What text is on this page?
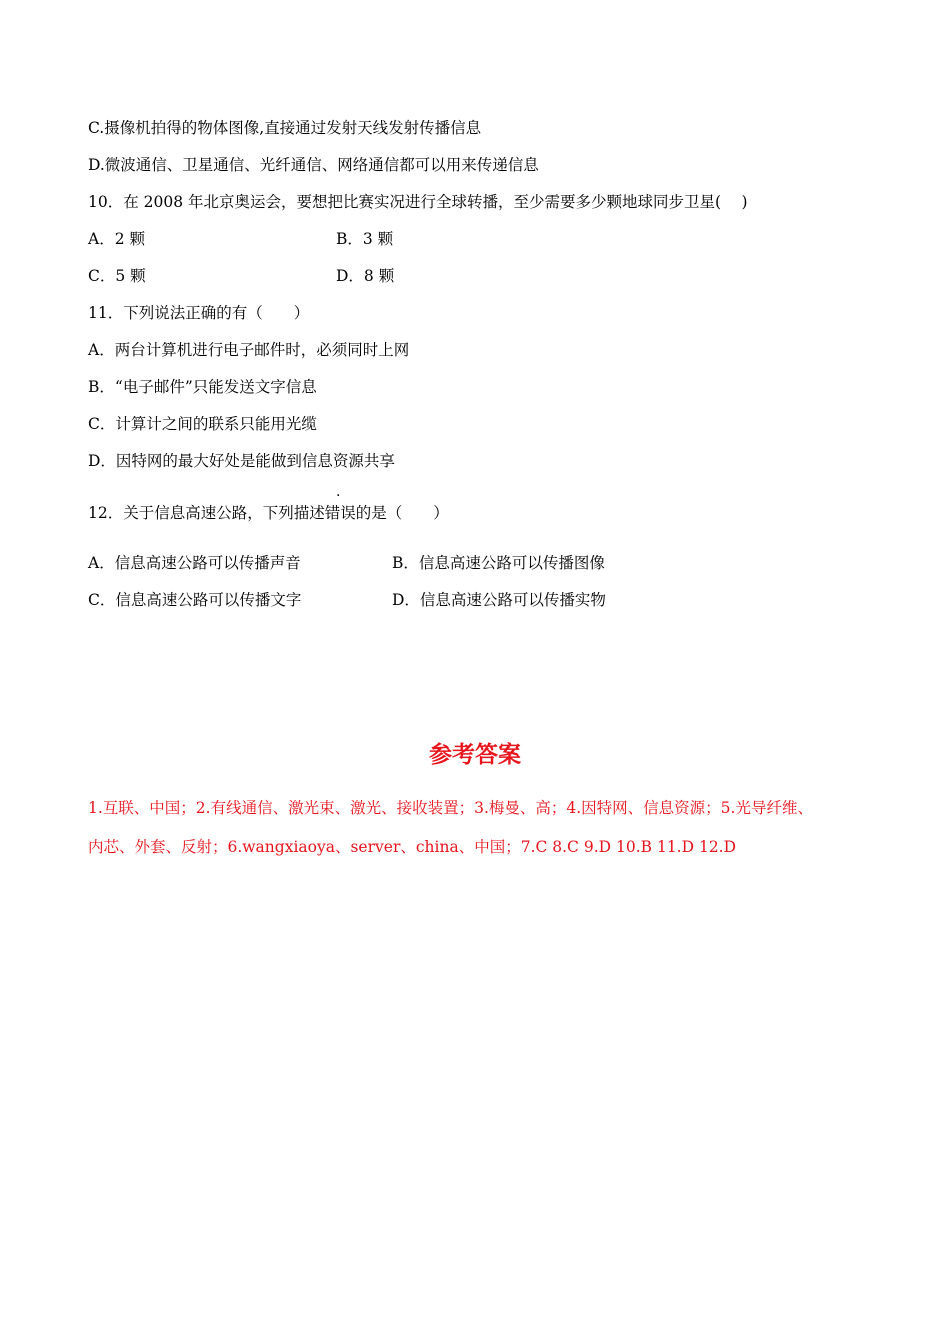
C.摄像机拍得的物体图像,直接通过发射天线发射传播信息
D.微波通信、卫星通信、光纤通信、网络通信都可以用来传递信息
10．在 2008 年北京奥运会，要想把比赛实况进行全球转播，至少需要多少颗地球同步卫星(　 )
A．2 颗	B．3 颗
C．5 颗	D．8 颗
11．下列说法正确的有（　　）
A．两台计算机进行电子邮件时，必须同时上网
B．“电子邮件”只能发送文字信息
C．计算计之间的联系只能用光缆
D．因特网的最大好处是能做到信息资源共享
12．关于信息高速公路，下列描述错误的是（　　）
A．信息高速公路可以传播声音	B．信息高速公路可以传播图像
C．信息高速公路可以传播文字	D．信息高速公路可以传播实物
参考答案
1.互联、中国；2.有线通信、激光束、激光、接收装置；3.梅曼、高；4.因特网、信息资源；5.光导纤维、
内芯、外套、反射；6.wangxiaoya、server、china、中国；7.C 8.C 9.D 10.B 11.D 12.D
